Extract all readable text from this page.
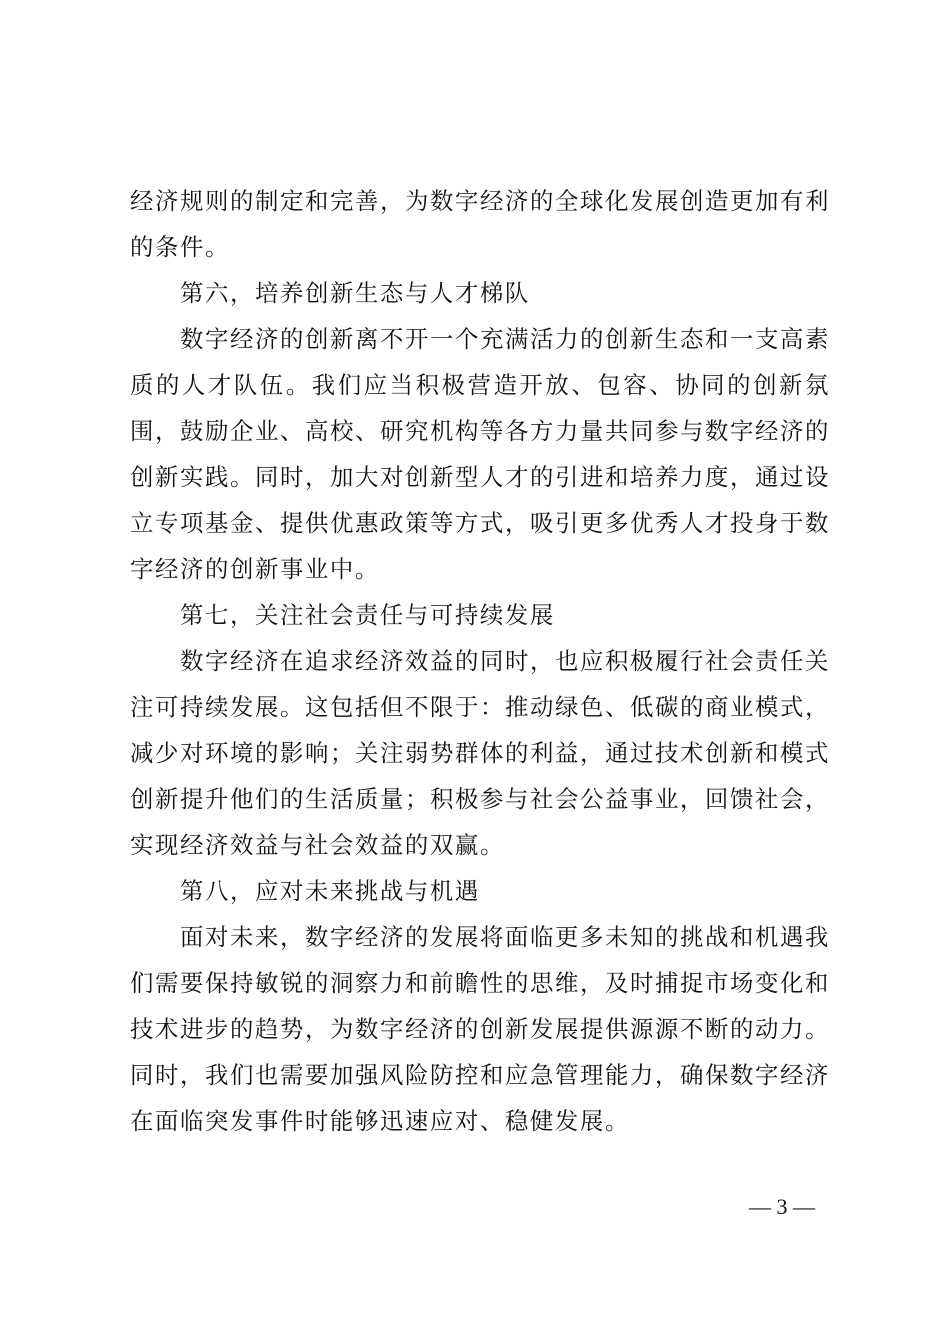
经济规则的制定和完善，为数字经济的全球化发展创造更加有利的条件。

第六，培养创新生态与人才梯队

数字经济的创新离不开一个充满活力的创新生态和一支高素质的人才队伍。我们应当积极营造开放、包容、协同的创新氛围，鼓励企业、高校、研究机构等各方力量共同参与数字经济的创新实践。同时，加大对创新型人才的引进和培养力度，通过设立专项基金、提供优惠政策等方式，吸引更多优秀人才投身于数字经济的创新事业中。

第七，关注社会责任与可持续发展

数字经济在追求经济效益的同时，也应积极履行社会责任关注可持续发展。这包括但不限于：推动绿色、低碳的商业模式，减少对环境的影响；关注弱势群体的利益，通过技术创新和模式创新提升他们的生活质量；积极参与社会公益事业，回馈社会，实现经济效益与社会效益的双赢。

第八，应对未来挑战与机遇

面对未来，数字经济的发展将面临更多未知的挑战和机遇我们需要保持敏锐的洞察力和前瞻性的思维，及时捕捉市场变化和技术进步的趋势，为数字经济的创新发展提供源源不断的动力。同时，我们也需要加强风险防控和应急管理能力，确保数字经济在面临突发事件时能够迅速应对、稳健发展。

— 3 —
